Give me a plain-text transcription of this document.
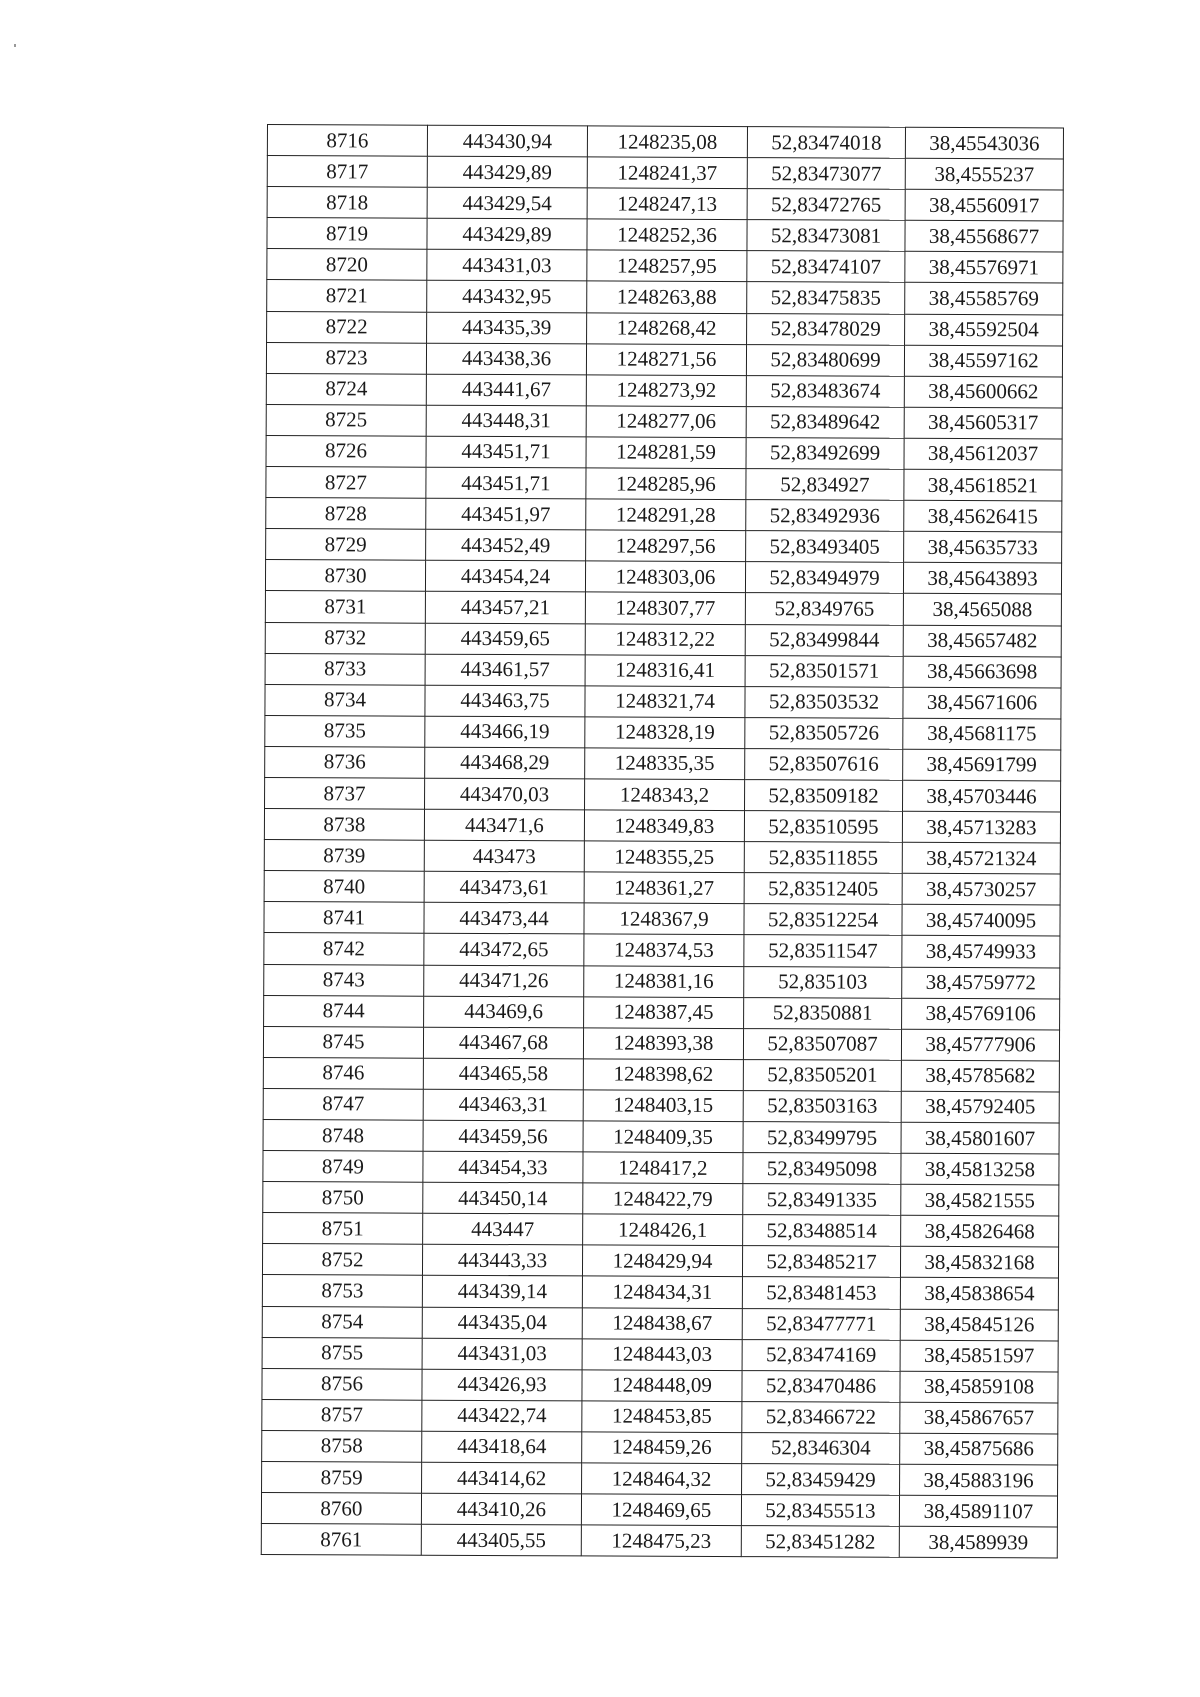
8716	443430,94	1248235,08	52,83474018	38,45543036
8717	443429,89	1248241,37	52,83473077	38,4555237
8718	443429,54	1248247,13	52,83472765	38,45560917
8719	443429,89	1248252,36	52,83473081	38,45568677
8720	443431,03	1248257,95	52,83474107	38,45576971
8721	443432,95	1248263,88	52,83475835	38,45585769
8722	443435,39	1248268,42	52,83478029	38,45592504
8723	443438,36	1248271,56	52,83480699	38,45597162
8724	443441,67	1248273,92	52,83483674	38,45600662
8725	443448,31	1248277,06	52,83489642	38,45605317
8726	443451,71	1248281,59	52,83492699	38,45612037
8727	443451,71	1248285,96	52,834927	38,45618521
8728	443451,97	1248291,28	52,83492936	38,45626415
8729	443452,49	1248297,56	52,83493405	38,45635733
8730	443454,24	1248303,06	52,83494979	38,45643893
8731	443457,21	1248307,77	52,8349765	38,4565088
8732	443459,65	1248312,22	52,83499844	38,45657482
8733	443461,57	1248316,41	52,83501571	38,45663698
8734	443463,75	1248321,74	52,83503532	38,45671606
8735	443466,19	1248328,19	52,83505726	38,45681175
8736	443468,29	1248335,35	52,83507616	38,45691799
8737	443470,03	1248343,2	52,83509182	38,45703446
8738	443471,6	1248349,83	52,83510595	38,45713283
8739	443473	1248355,25	52,83511855	38,45721324
8740	443473,61	1248361,27	52,83512405	38,45730257
8741	443473,44	1248367,9	52,83512254	38,45740095
8742	443472,65	1248374,53	52,83511547	38,45749933
8743	443471,26	1248381,16	52,835103	38,45759772
8744	443469,6	1248387,45	52,8350881	38,45769106
8745	443467,68	1248393,38	52,83507087	38,45777906
8746	443465,58	1248398,62	52,83505201	38,45785682
8747	443463,31	1248403,15	52,83503163	38,45792405
8748	443459,56	1248409,35	52,83499795	38,45801607
8749	443454,33	1248417,2	52,83495098	38,45813258
8750	443450,14	1248422,79	52,83491335	38,45821555
8751	443447	1248426,1	52,83488514	38,45826468
8752	443443,33	1248429,94	52,83485217	38,45832168
8753	443439,14	1248434,31	52,83481453	38,45838654
8754	443435,04	1248438,67	52,83477771	38,45845126
8755	443431,03	1248443,03	52,83474169	38,45851597
8756	443426,93	1248448,09	52,83470486	38,45859108
8757	443422,74	1248453,85	52,83466722	38,45867657
8758	443418,64	1248459,26	52,8346304	38,45875686
8759	443414,62	1248464,32	52,83459429	38,45883196
8760	443410,26	1248469,65	52,83455513	38,45891107
8761	443405,55	1248475,23	52,83451282	38,4589939
